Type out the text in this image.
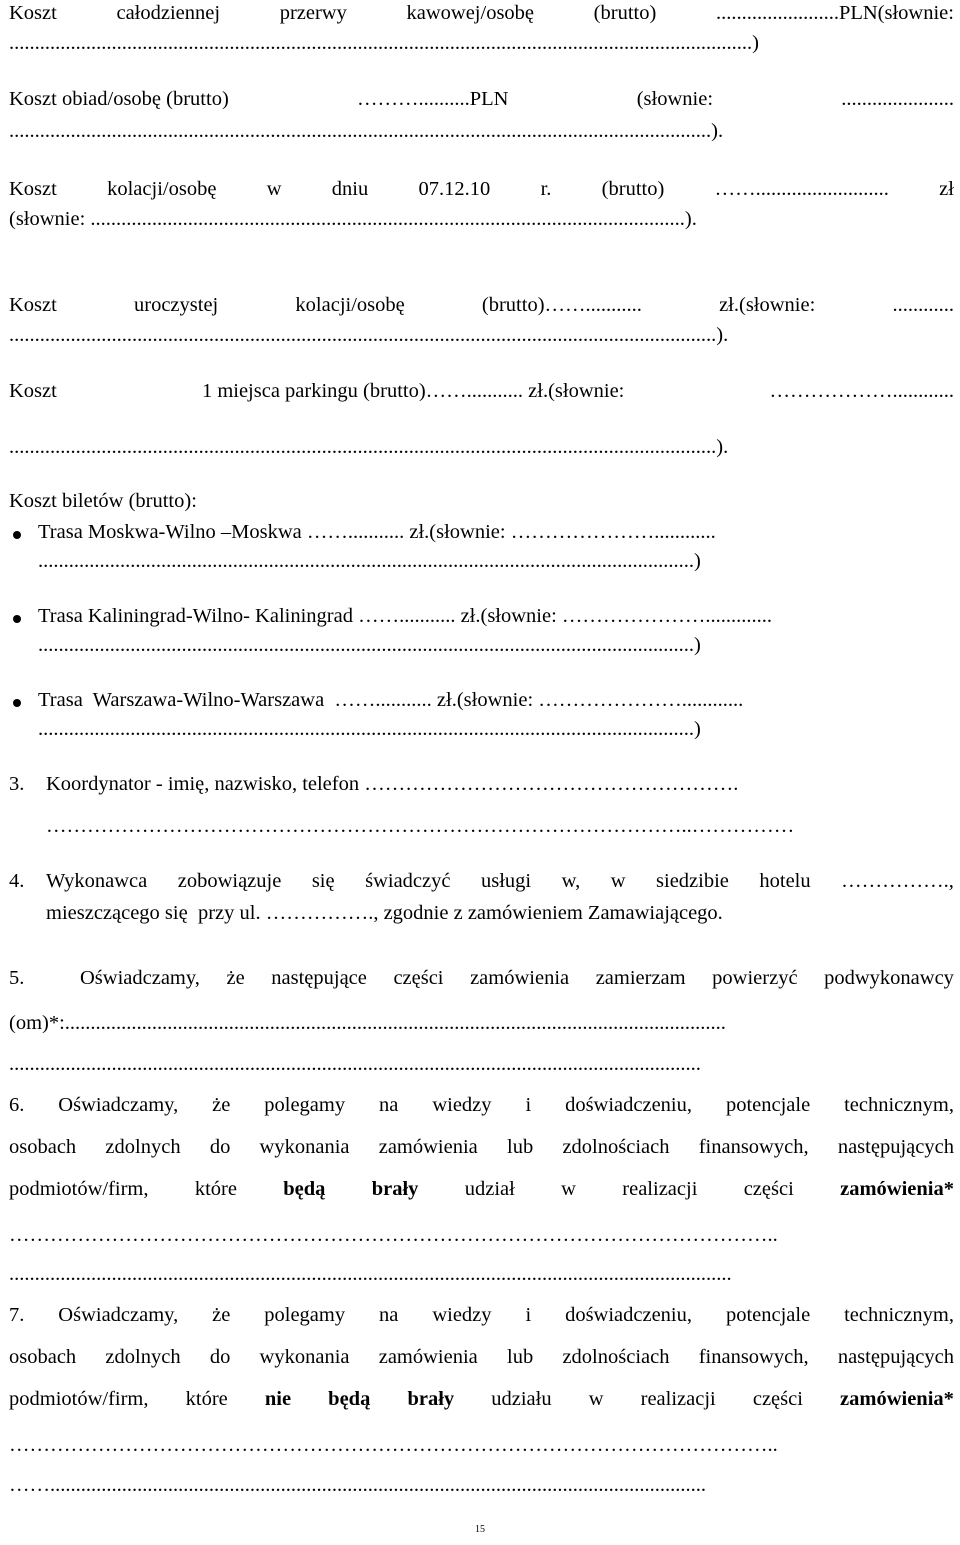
Koszt	całodziennej	przerwy	kawowej/osobę	(brutto)	........................PLN(słownie:
.................................................................................................................................................)
Koszt obiad/osobę (brutto)	………..........PLN	(słownie:	......................
.........................................................................................................................................).
Koszt kolacji/osobę w dniu 07.12.10 r. (brutto) …….......................... zł
(słownie: ....................................................................................................................).
Koszt	uroczystej	kolacji/osobę	(brutto)……...........	zł.(słownie:	............
..........................................................................................................................................).
Koszt	1 miejsca parkingu (brutto)……........... zł.(słownie:	………………............
..........................................................................................................................................).
Koszt biletów (brutto):
Trasa Moskwa-Wilno –Moskwa ……........... zł.(słownie: …………………............
................................................................................................................................)
Trasa Kaliningrad-Wilno- Kaliningrad ……........... zł.(słownie: ………………….............
................................................................................................................................)
Trasa  Warszawa-Wilno-Warszawa  ……........... zł.(słownie: …………………............
................................................................................................................................)
3. Koordynator - imię, nazwisko, telefon ……………………………………………….
…………………………………………………………………………………..……………
4. Wykonawca zobowiązuje się świadczyć usługi w, w siedzibie hotelu …………….,
mieszczącego się  przy ul. ……………., zgodnie z zamówieniem Zamawiającego.
5.	Oświadczamy, że następujące części zamówienia zamierzam powierzyć podwykonawcy
(om)*:.................................................................................................................................
.......................................................................................................................................
6. Oświadczamy, że polegamy na wiedzy i doświadczeniu, potencjale technicznym,
osobach zdolnych do wykonania zamówienia lub zdolnościach finansowych, następujących
podmiotów/firm, które będą brały udział w realizacji części zamówienia*
…………………………………………………………………………………………………..
.............................................................................................................................................
7. Oświadczamy, że polegamy na wiedzy i doświadczeniu, potencjale technicznym,
osobach zdolnych do wykonania zamówienia lub zdolnościach finansowych, następujących
podmiotów/firm, które nie będą brały udziału w realizacji części zamówienia*
…………………………………………………………………………………………………..
……................................................................................................................................
15
